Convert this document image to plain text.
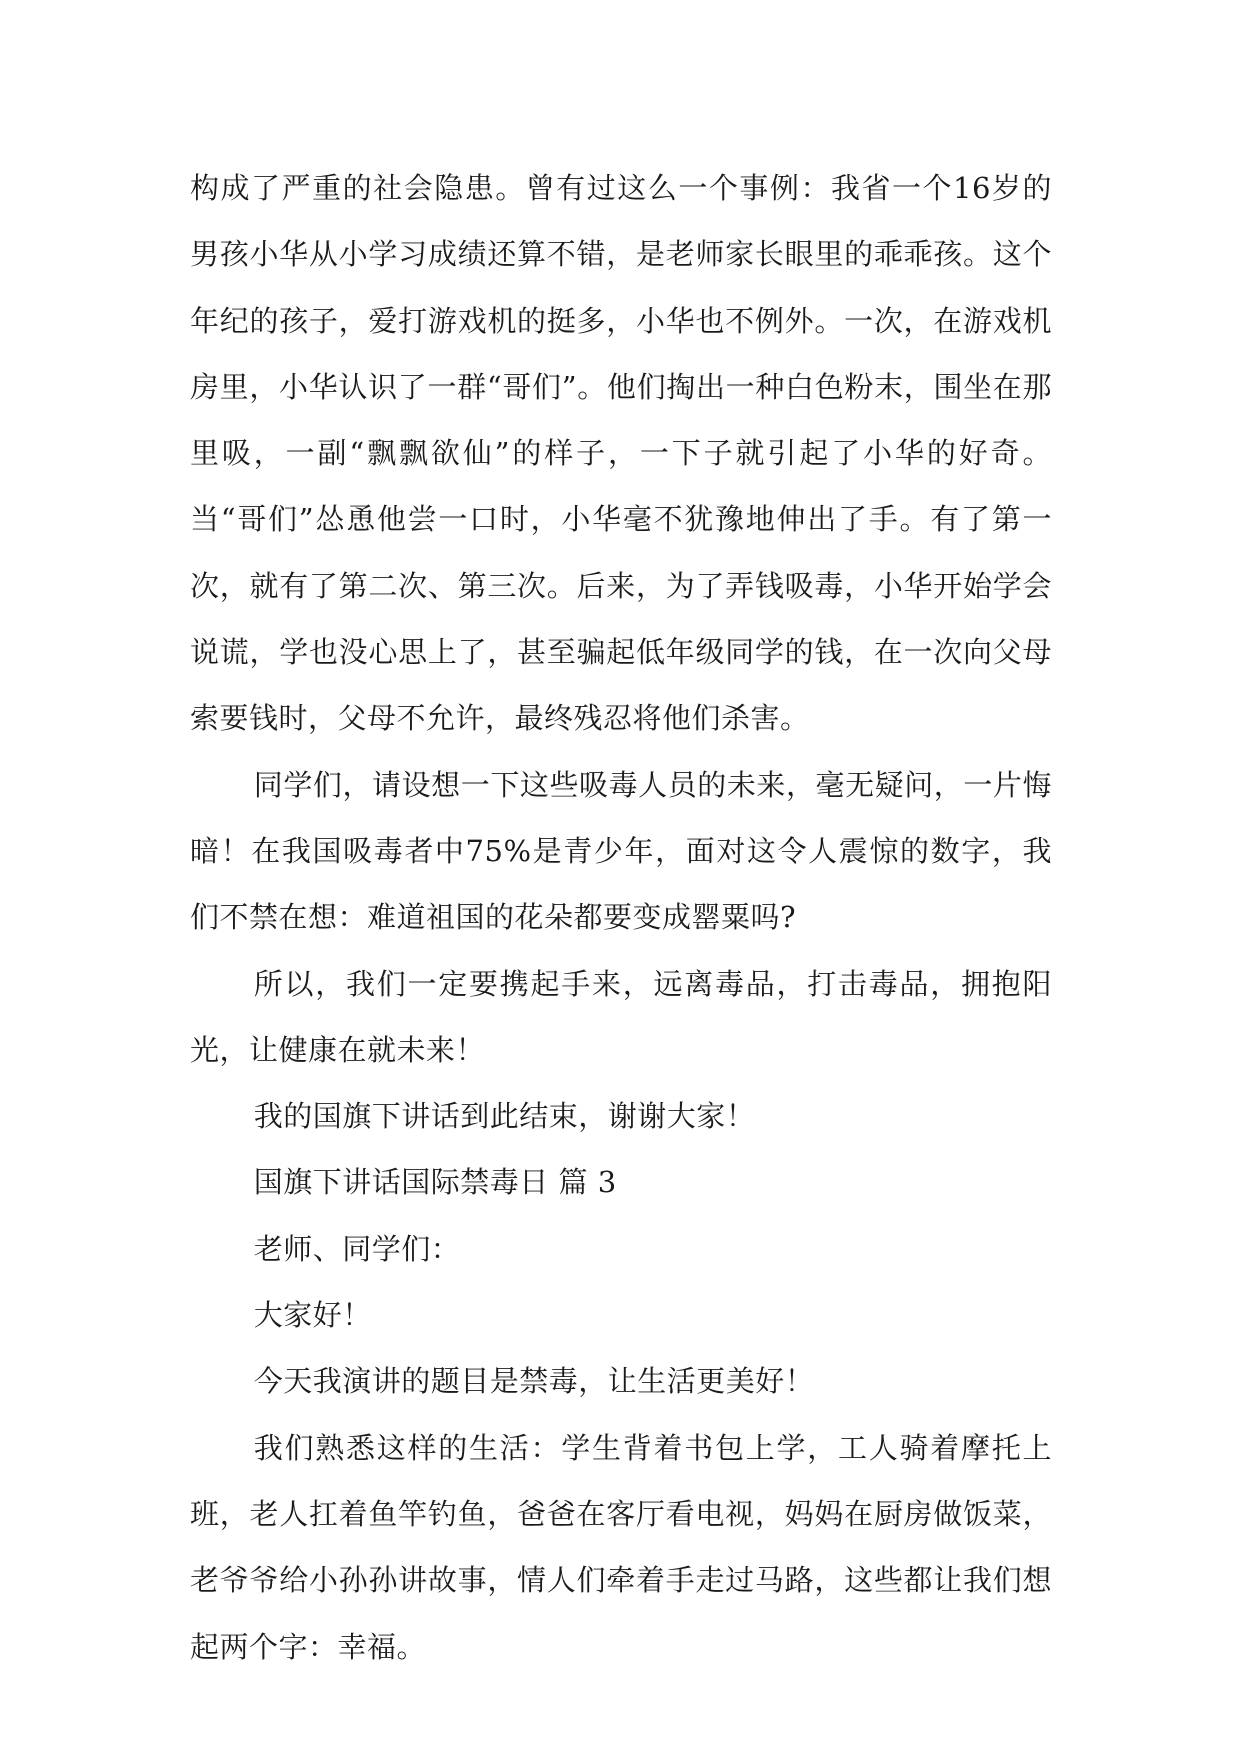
构成了严重的社会隐患。曾有过这么一个事例：我省一个16岁的男孩小华从小学习成绩还算不错，是老师家长眼里的乖乖孩。这个年纪的孩子，爱打游戏机的挺多，小华也不例外。一次，在游戏机房里，小华认识了一群“哥们”。他们掏出一种白色粉末，围坐在那里吸，一副“飘飘欲仙”的样子，一下子就引起了小华的好奇。当“哥们”怂恿他尝一口时，小华毫不犹豫地伸出了手。有了第一次，就有了第二次、第三次。后来，为了弄钱吸毒，小华开始学会说谎，学也没心思上了，甚至骗起低年级同学的钱，在一次向父母索要钱时，父母不允许，最终残忍将他们杀害。

同学们，请设想一下这些吸毒人员的未来，毫无疑问，一片悔暗！在我国吸毒者中75%是青少年，面对这令人震惊的数字，我们不禁在想：难道祖国的花朵都要变成罂粟吗?

所以，我们一定要携起手来，远离毒品，打击毒品，拥抱阳光，让健康在就未来！

我的国旗下讲话到此结束，谢谢大家！

国旗下讲话国际禁毒日 篇 3

老师、同学们：

大家好！

今天我演讲的题目是禁毒，让生活更美好！

我们熟悉这样的生活：学生背着书包上学，工人骑着摩托上班，老人扛着鱼竿钓鱼，爸爸在客厅看电视，妈妈在厨房做饭菜，老爷爷给小孙孙讲故事，情人们牵着手走过马路，这些都让我们想起两个字：幸福。
